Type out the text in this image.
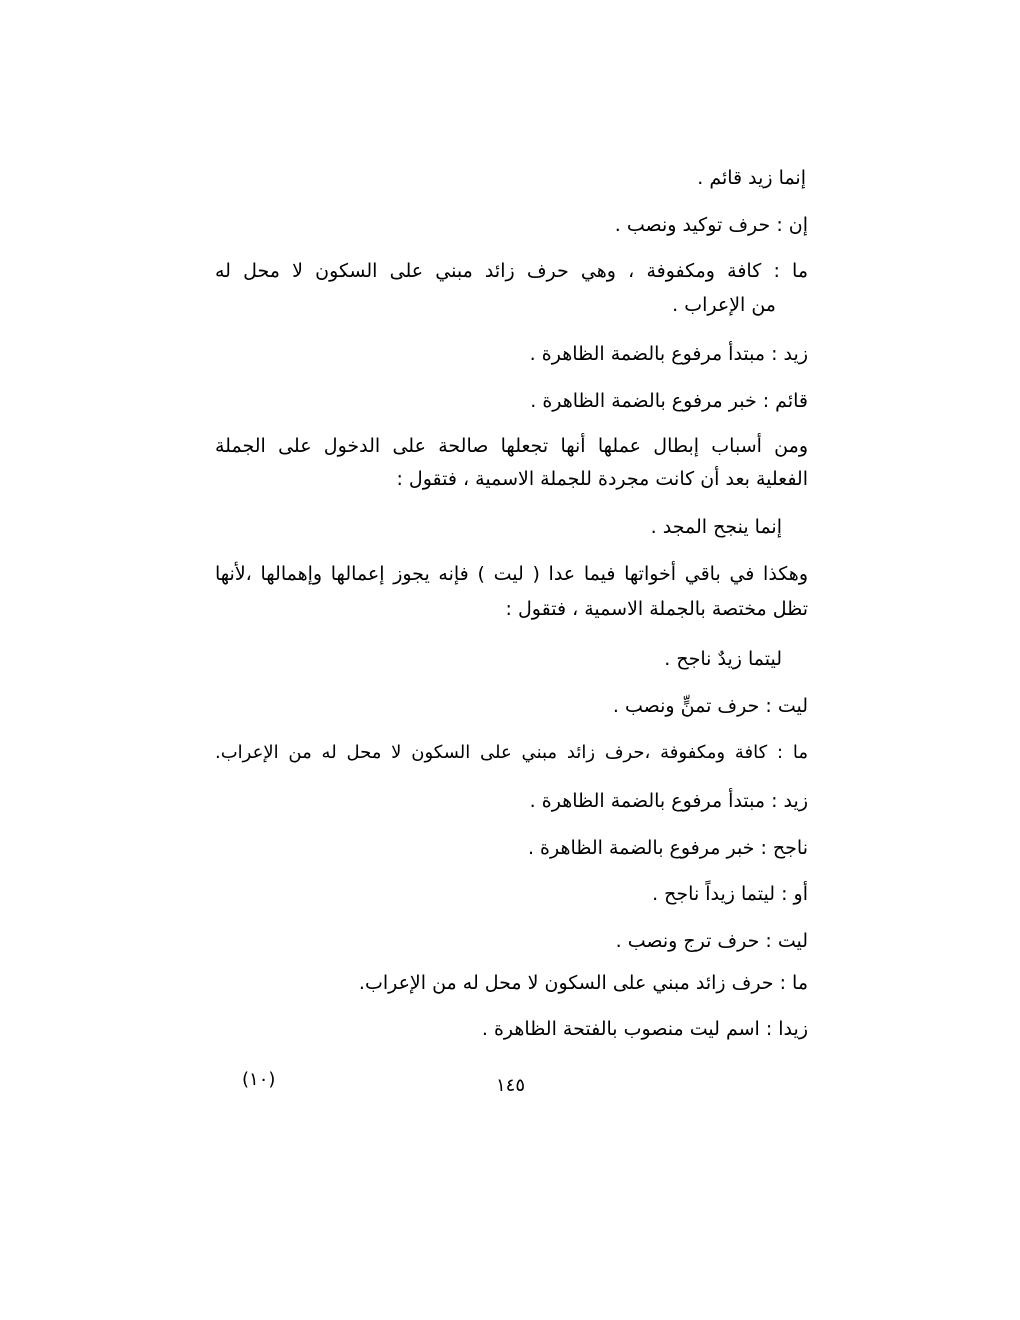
إنما زيد قائم .
إن : حرف توكيد ونصب .
ما : كافة ومكفوفة ، وهي حرف زائد مبني على السكون لا محل له
من الإعراب .
زيد : مبتدأ مرفوع بالضمة الظاهرة .
قائم : خبر مرفوع بالضمة الظاهرة .
ومن أسباب إبطال عملها أنها تجعلها صالحة على الدخول على الجملة
الفعلية بعد أن كانت مجردة للجملة الاسمية ، فتقول :
إنما ينجح المجد .
وهكذا في باقي أخواتها فيما عدا ( ليت ) فإنه يجوز إعمالها وإهمالها ،لأنها
تظل مختصة بالجملة الاسمية ، فتقول :
ليتما زيدٌ ناجح .
ليت : حرف تمنٍّ ونصب .
ما : كافة ومكفوفة ،حرف زائد مبني على السكون لا محل له من الإعراب.
زيد : مبتدأ مرفوع بالضمة الظاهرة .
ناجح : خبر مرفوع بالضمة الظاهرة .
أو : ليتما زيداً ناجح .
ليت : حرف ترج ونصب .
ما : حرف زائد مبني على السكون لا محل له من الإعراب.
زيدا : اسم ليت منصوب بالفتحة الظاهرة .
(١٠)	١٤٥
